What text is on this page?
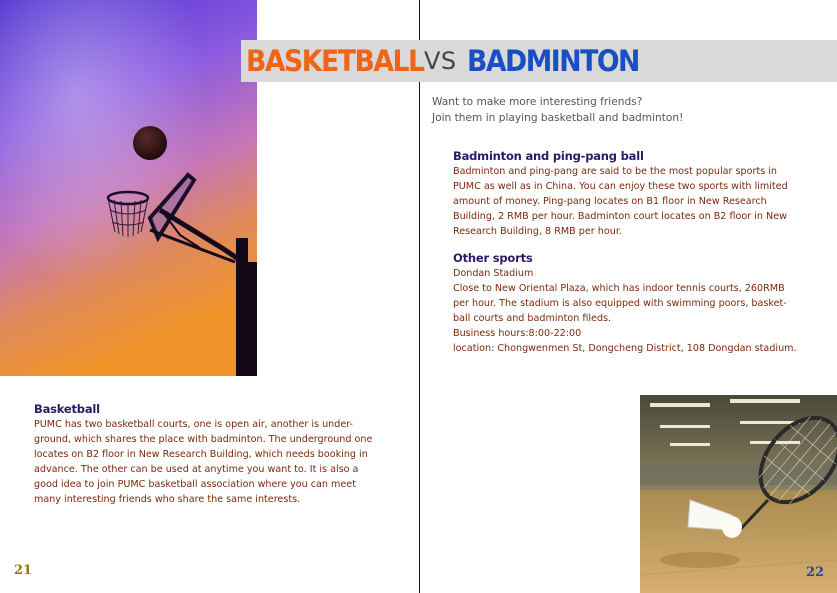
Basketball
PUMC has two basketball courts, one is open air, another is under-
ground, which shares the place with badminton. The underground one
locates on B2 floor in New Research Building, which needs booking in
advance. The other can be used at anytime you want to. It is also a
good idea to join PUMC basketball association where you can meet
many interesting friends who share the same interests.
21
BASKETBALL VS BADMINTON
Want to make more interesting friends?
Join them in playing basketball and badminton!
Badminton and ping-pang ball
Badminton and ping-pang are said to be the most popular sports in
PUMC as well as in China. You can enjoy these two sports with limited
amount of money. Ping-pang locates on B1 floor in New Research
Building, 2 RMB per hour. Badminton court locates on B2 floor in New
Research Building, 8 RMB per hour.
Other sports
Dondan Stadium
Close to New Oriental Plaza, which has indoor tennis courts, 260RMB
per hour. The stadium is also equipped with swimming poors, basket-
ball courts and badminton fileds.
Business hours:8:00-22:00
location: Chongwenmen St, Dongcheng District, 108 Dongdan stadium.
22
